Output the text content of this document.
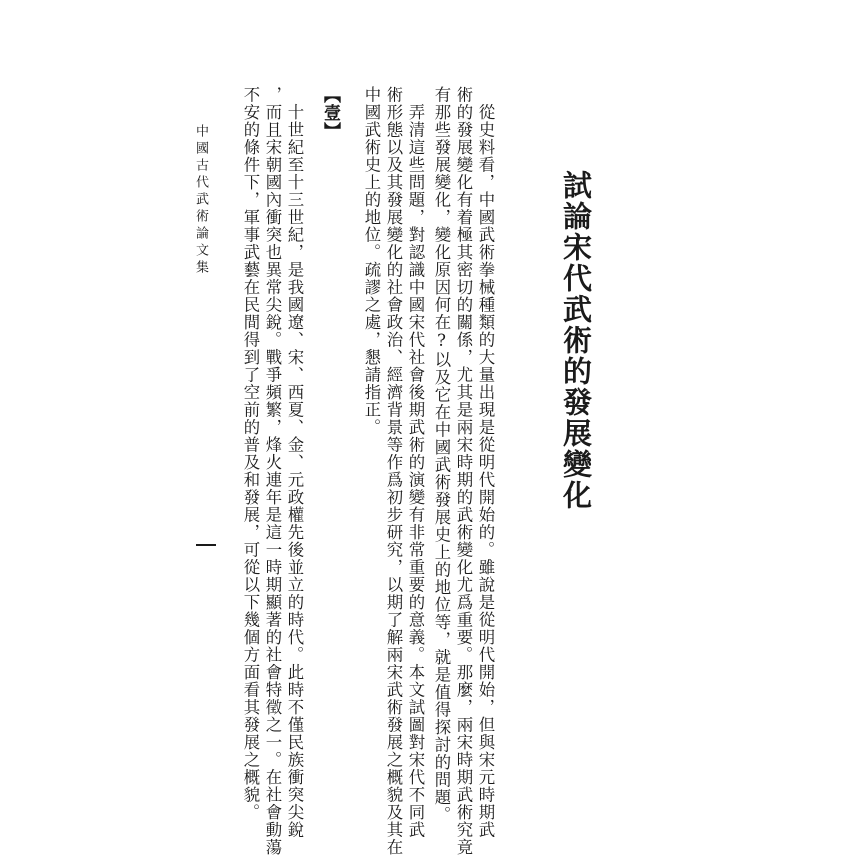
試論宋代武術的發展變化
　從史料看，中國武術拳械種類的大量出現是從明代開始的。雖說是從明代開始，但與宋元時期武
術的發展變化有着極其密切的關係，尤其是兩宋時期的武術變化尤爲重要。那麼，兩宋時期武術究竟
有那些發展變化，變化原因何在?以及它在中國武術發展史上的地位等，就是值得探討的問題。
　弄清這些問題，對認識中國宋代社會後期武術的演變有非常重要的意義。本文試圖對宋代不同武
術形態以及其發展變化的社會政治、經濟背景等作爲初步研究，以期了解兩宋武術發展之概貌及其在
中國武術史上的地位。疏謬之處，懇請指正。
【壹】
　十世紀至十三世紀，是我國遼、宋、西夏、金、元政權先後並立的時代。此時不僅民族衝突尖銳
，而且宋朝國內衝突也異常尖銳。戰爭頻繁，烽火連年是這一時期顯著的社會特徵之一。在社會動蕩
不安的條件下，軍事武藝在民間得到了空前的普及和發展，可從以下幾個方面看其發展之概貌。
中國古代武術論文集
